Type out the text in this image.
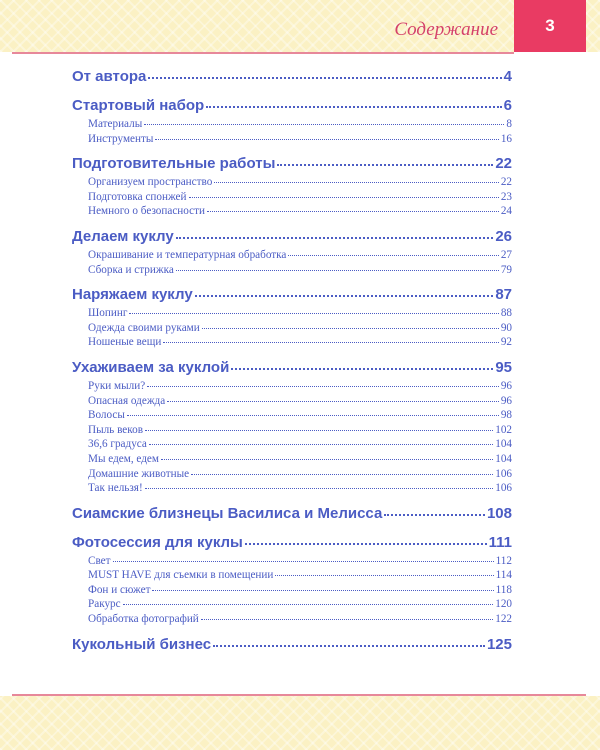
Содержание	3
От автора	4
Стартовый набор	6
Материалы	8
Инструменты	16
Подготовительные работы	22
Организуем пространство	22
Подготовка спонжей	23
Немного о безопасности	24
Делаем куклу	26
Окрашивание и температурная обработка	27
Сборка и стрижка	79
Наряжаем куклу	87
Шопинг	88
Одежда своими руками	90
Ношеные вещи	92
Ухаживаем за куклой	95
Руки мыли?	96
Опасная одежда	96
Волосы	98
Пыль веков	102
36,6 градуса	104
Мы едем, едем	104
Домашние животные	106
Так нельзя!	106
Сиамские близнецы Василиса и Мелисса	108
Фотосессия для куклы	111
Свет	112
MUST HAVE для съемки в помещении	114
Фон и сюжет	118
Ракурс	120
Обработка фотографий	122
Кукольный бизнес	125
